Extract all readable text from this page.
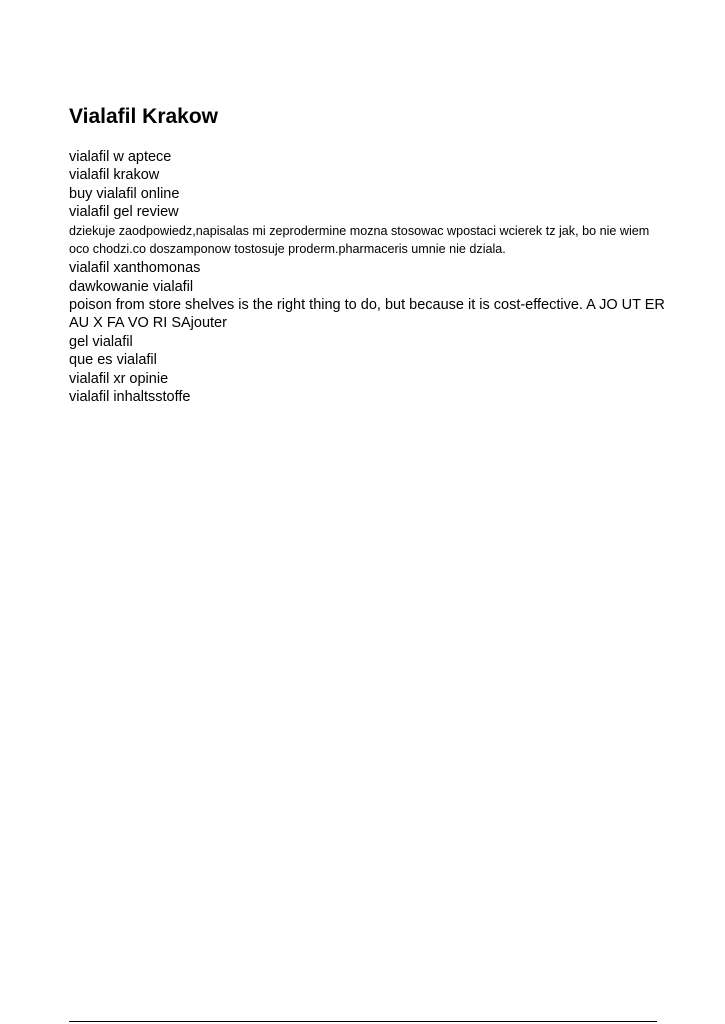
Vialafil Krakow
vialafil w aptece
vialafil krakow
buy vialafil online
vialafil gel review
dziekuje zaodpowiedz,napisalas mi zeprodermine mozna stosowac wpostaci wcierek tz jak, bo nie wiem oco chodzi.co doszamponow tostosuje proderm.pharmaceris umnie nie dziala.
vialafil xanthomonas
dawkowanie vialafil
poison from store shelves is the right thing to do, but because it is cost-effective. A JO UT ER AU X FA VO RI SAjouter
gel vialafil
que es vialafil
vialafil xr opinie
vialafil inhaltsstoffe
